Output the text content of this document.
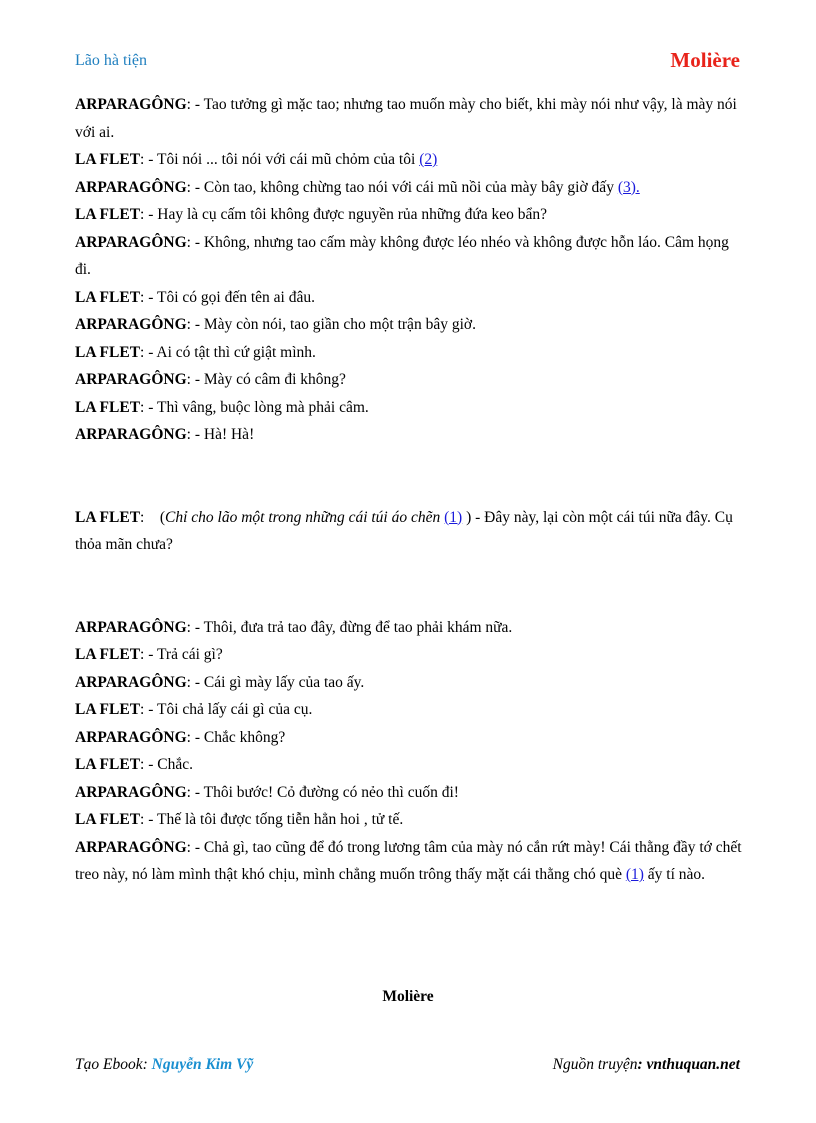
Lão hà tiện	Molière

ARPARAGÔNG: - Tao tưởng gì mặc tao; nhưng tao muốn mày cho biết, khi mày nói như vậy, là mày nói với ai.

LA FLET: - Tôi nói ... tôi nói với cái mũ chỏm của tôi (2)

ARPARAGÔNG: - Còn tao, không chừng tao nói với cái mũ nồi của mày bây giờ đấy (3).

LA FLET: - Hay là cụ cấm tôi không được nguyền rủa những đứa keo bẩn?

ARPARAGÔNG: - Không, nhưng tao cấm mày không được léo nhéo và không được hỗn láo. Câm họng đi.

LA FLET: - Tôi có gọi đến tên ai đâu.

ARPARAGÔNG: - Mày còn nói, tao giần cho một trận bây giờ.

LA FLET: - Ai có tật thì cứ giật mình.

ARPARAGÔNG: - Mày có câm đi không?

LA FLET: - Thì vâng, buộc lòng mà phải câm.

ARPARAGÔNG: - Hà! Hà!

LA FLET:    (Chỉ cho lão một trong những cái túi áo chẽn (1) ) - Đây này, lại còn một cái túi nữa đây. Cụ thỏa mãn chưa?

ARPARAGÔNG: - Thôi, đưa trả tao đây, đừng để tao phải khám nữa.

LA FLET: - Trả cái gì?

ARPARAGÔNG: - Cái gì mày lấy của tao ấy.

LA FLET: - Tôi chả lấy cái gì của cụ.

ARPARAGÔNG: - Chắc không?

LA FLET: - Chắc.

ARPARAGÔNG: - Thôi bước! Cỏ đường có nẻo thì cuốn đi!

LA FLET: - Thế là tôi được tống tiễn hẳn hoi , tử tế.

ARPARAGÔNG: - Chả gì, tao cũng để đó trong lương tâm của mày nó cắn rứt mày! Cái thằng đầy tớ chết treo này, nó làm mình thật khó chịu, mình chẳng muốn trông thấy mặt cái thằng chó què (1) ấy tí nào.

Molière
Tạo Ebook: Nguyễn Kim Vỹ	Nguồn truyện: vnthuquan.net
